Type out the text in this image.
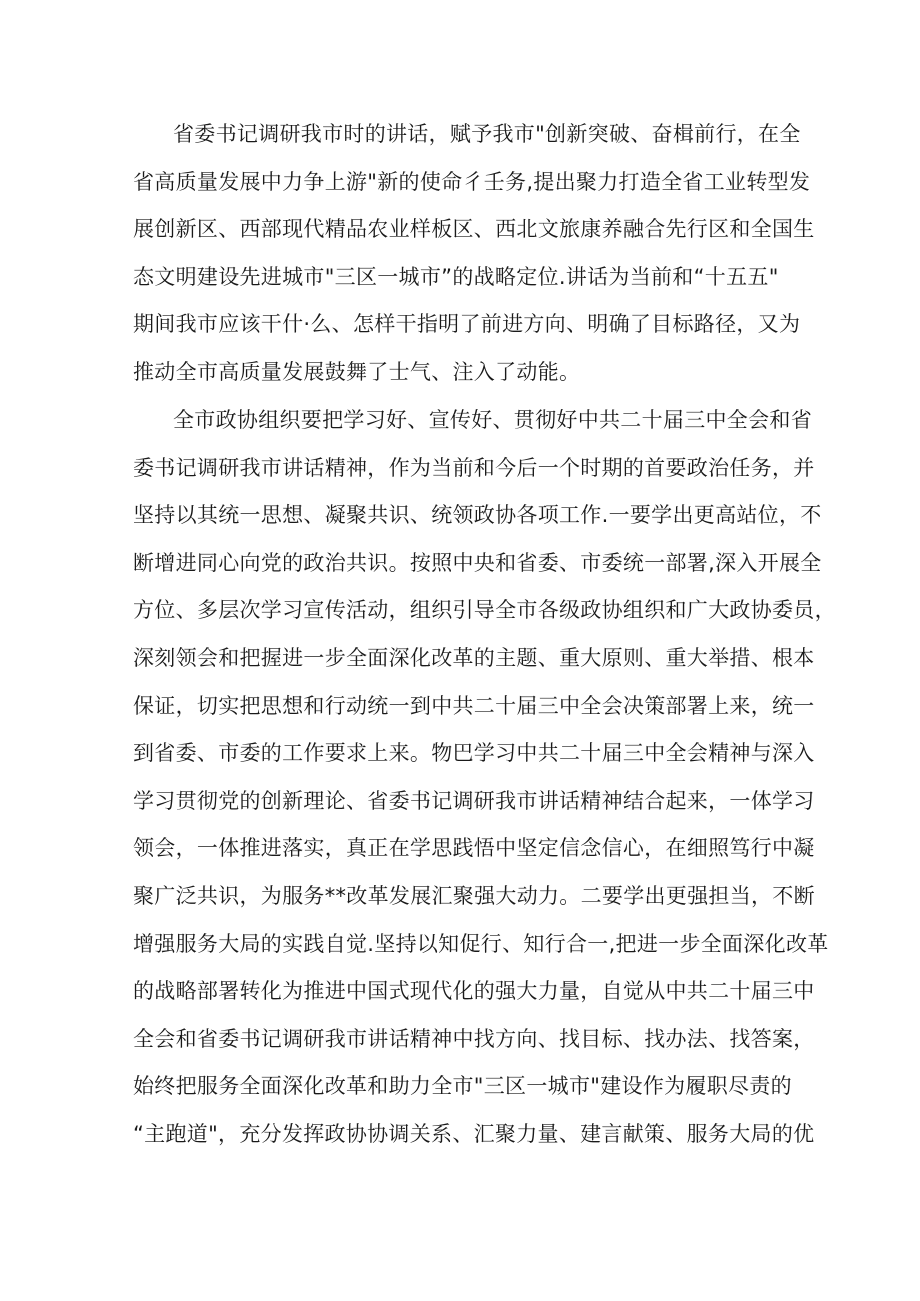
省委书记调研我市时的讲话，赋予我市"创新突破、奋楫前行，在全
省高质量发展中力争上游"新的使命彳壬务,提出聚力打造全省工业转型发
展创新区、西部现代精品农业样板区、西北文旅康养融合先行区和全国生
态文明建设先进城市"三区一城市”的战略定位.讲话为当前和“十五五"
期间我市应该干什·么、怎样干指明了前进方向、明确了目标路径，又为
推动全市高质量发展鼓舞了士气、注入了动能。
全市政协组织要把学习好、宣传好、贯彻好中共二十届三中全会和省
委书记调研我市讲话精神，作为当前和今后一个时期的首要政治任务，并
坚持以其统一思想、凝聚共识、统领政协各项工作.一要学出更高站位，不
断增进同心向党的政治共识。按照中央和省委、市委统一部署,深入开展全
方位、多层次学习宣传活动，组织引导全市各级政协组织和广大政协委员，
深刻领会和把握进一步全面深化改革的主题、重大原则、重大举措、根本
保证，切实把思想和行动统一到中共二十届三中全会决策部署上来，统一
到省委、市委的工作要求上来。物巴学习中共二十届三中全会精神与深入
学习贯彻党的创新理论、省委书记调研我市讲话精神结合起来，一体学习
领会，一体推进落实，真正在学思践悟中坚定信念信心，在细照笃行中凝
聚广泛共识，为服务**改革发展汇聚强大动力。二要学出更强担当，不断
增强服务大局的实践自觉.坚持以知促行、知行合一,把进一步全面深化改革
的战略部署转化为推进中国式现代化的强大力量，自觉从中共二十届三中
全会和省委书记调研我市讲话精神中找方向、找目标、找办法、找答案，
始终把服务全面深化改革和助力全市"三区一城市"建设作为履职尽责的
“主跑道"，充分发挥政协协调关系、汇聚力量、建言献策、服务大局的优
